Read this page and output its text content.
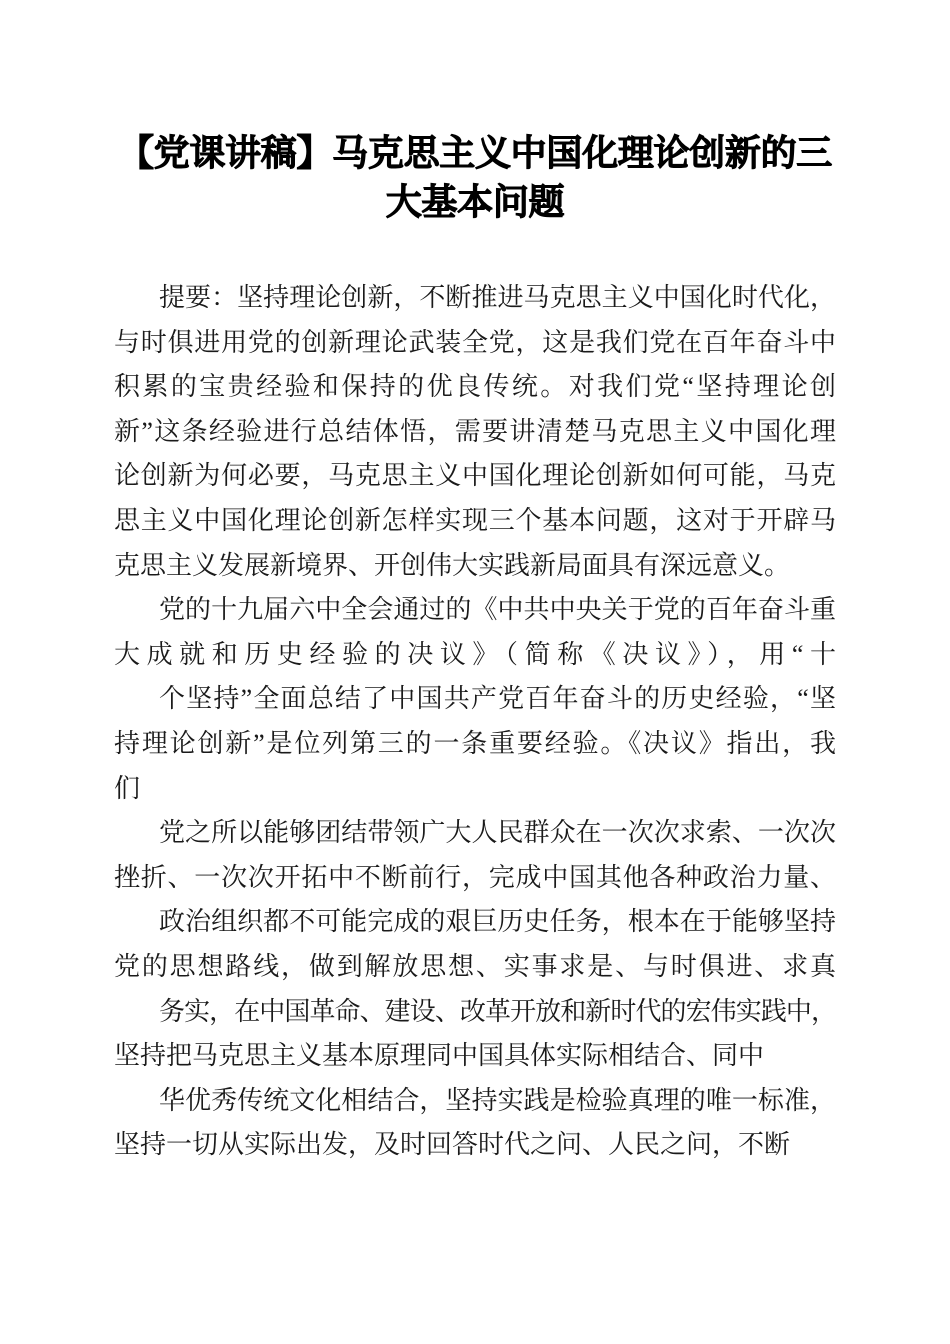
【党课讲稿】马克思主义中国化理论创新的三
大基本问题
提要：坚持理论创新，不断推进马克思主义中国化时代化，
与时俱进用党的创新理论武装全党，这是我们党在百年奋斗中
积累的宝贵经验和保持的优良传统。对我们党“坚持理论创
新”这条经验进行总结体悟，需要讲清楚马克思主义中国化理
论创新为何必要，马克思主义中国化理论创新如何可能，马克
思主义中国化理论创新怎样实现三个基本问题，这对于开辟马
克思主义发展新境界、开创伟大实践新局面具有深远意义。
党的十九届六中全会通过的《中共中央关于党的百年奋斗重
大成就和历史经验的决议》（简称《决议》），用“十
个坚持”全面总结了中国共产党百年奋斗的历史经验，“坚
持理论创新”是位列第三的一条重要经验。《决议》指出，我
们
党之所以能够团结带领广大人民群众在一次次求索、一次次
挫折、一次次开拓中不断前行，完成中国其他各种政治力量、
政治组织都不可能完成的艰巨历史任务，根本在于能够坚持
党的思想路线，做到解放思想、实事求是、与时俱进、求真
务实，在中国革命、建设、改革开放和新时代的宏伟实践中，
坚持把马克思主义基本原理同中国具体实际相结合、同中
华优秀传统文化相结合，坚持实践是检验真理的唯一标准，
坚持一切从实际出发，及时回答时代之问、人民之问，不断
